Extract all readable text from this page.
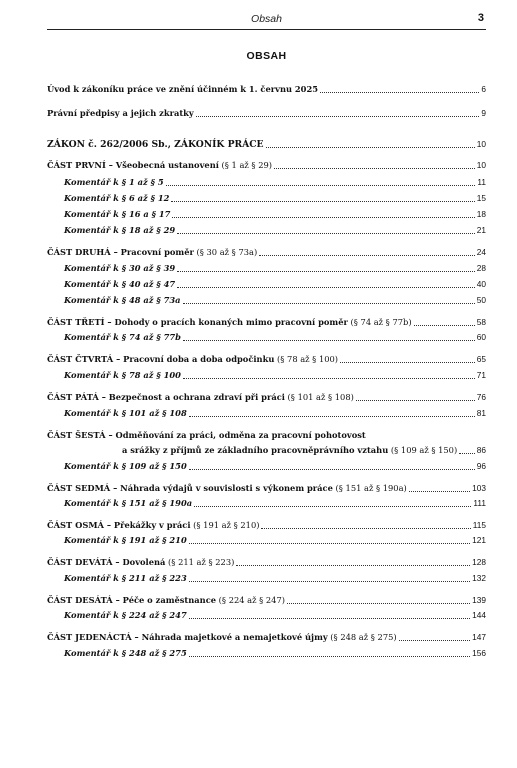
Obsah	3
OBSAH
Úvod k zákoníku práce ve znění účinném k 1. červnu 2025	6
Právní předpisy a jejich zkratky	9
ZÁKON č. 262/2006 Sb., ZÁKONÍK PRÁCE	10
ČÁST PRVNÍ – Všeobecná ustanovení (§ 1 až § 29)	10
Komentář k § 1 až § 5	11
Komentář k § 6 až § 12	15
Komentář k § 16 a § 17	18
Komentář k § 18 až § 29	21
ČÁST DRUHÁ – Pracovní poměr (§ 30 až § 73a)	24
Komentář k § 30 až § 39	28
Komentář k § 40 až § 47	40
Komentář k § 48 až § 73a	50
ČÁST TŘETÍ – Dohody o pracích konaných mimo pracovní poměr (§ 74 až § 77b)	58
Komentář k § 74 až § 77b	60
ČÁST ČTVRTÁ – Pracovní doba a doba odpočinku (§ 78 až § 100)	65
Komentář k § 78 až § 100	71
ČÁST PÁTÁ – Bezpečnost a ochrana zdraví při práci (§ 101 až § 108)	76
Komentář k § 101 až § 108	81
ČÁST ŠESTÁ – Odměňování za práci, odměna za pracovní pohotovost
a srážky z příjmů ze základního pracovněprávního vztahu (§ 109 až § 150) 86
Komentář k § 109 až § 150	96
ČÁST SEDMÁ – Náhrada výdajů v souvislosti s výkonem práce (§ 151 až § 190a)	103
Komentář k § 151 až § 190a	111
ČÁST OSMÁ – Překážky v práci (§ 191 až § 210)	115
Komentář k § 191 až § 210	121
ČÁST DEVÁTÁ – Dovolená (§ 211 až § 223)	128
Komentář k § 211 až § 223	132
ČÁST DESÁTÁ – Péče o zaměstnance (§ 224 až § 247)	139
Komentář k § 224 až § 247	144
ČÁST JEDENÁCTÁ – Náhrada majetkové a nemajetkové újmy (§ 248 až § 275)	147
Komentář k § 248 až § 275	156
